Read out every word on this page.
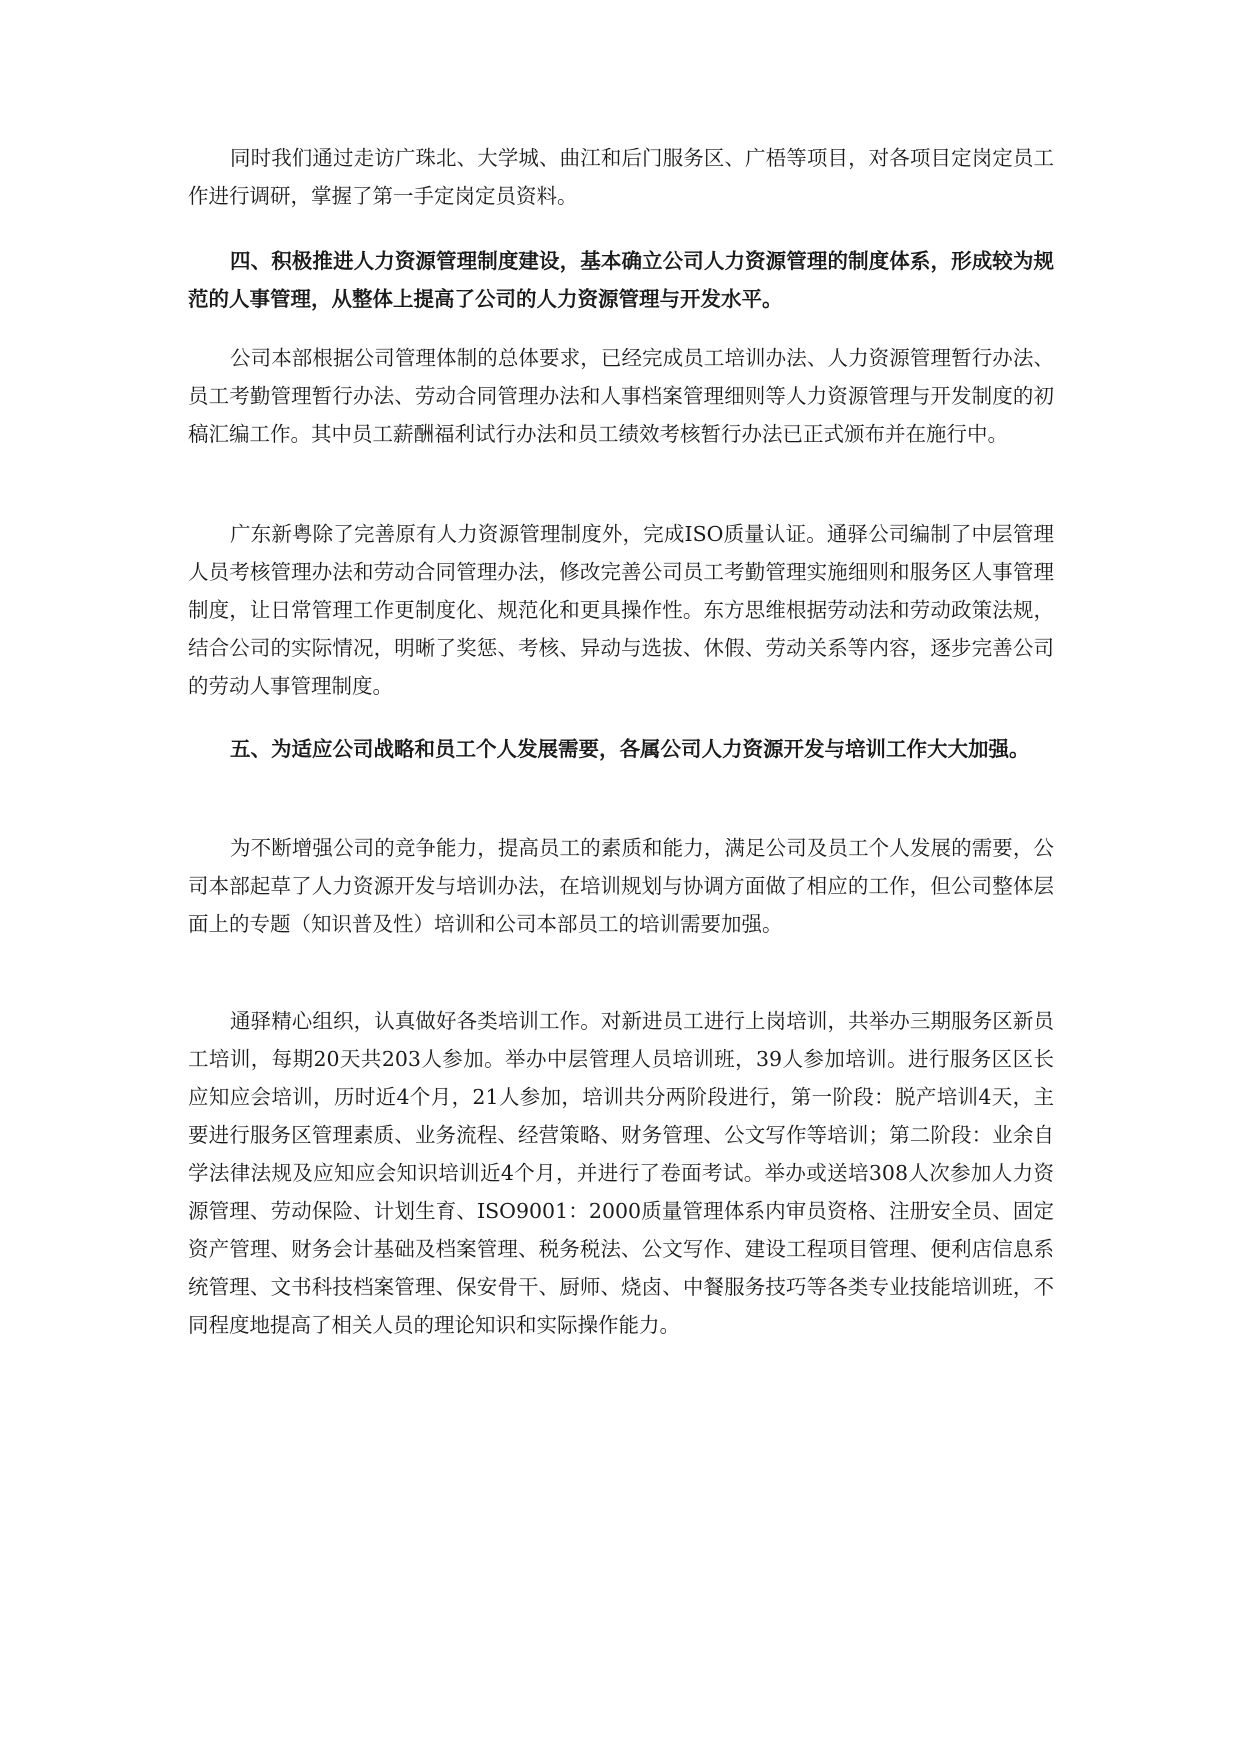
同时我们通过走访广珠北、大学城、曲江和后门服务区、广梧等项目，对各项目定岗定员工作进行调研，掌握了第一手定岗定员资料。

四、积极推进人力资源管理制度建设，基本确立公司人力资源管理的制度体系，形成较为规范的人事管理，从整体上提高了公司的人力资源管理与开发水平。

公司本部根据公司管理体制的总体要求，已经完成员工培训办法、人力资源管理暂行办法、员工考勤管理暂行办法、劳动合同管理办法和人事档案管理细则等人力资源管理与开发制度的初稿汇编工作。其中员工薪酬福利试行办法和员工绩效考核暂行办法已正式颁布并在施行中。

广东新粤除了完善原有人力资源管理制度外，完成ISO质量认证。通驿公司编制了中层管理人员考核管理办法和劳动合同管理办法，修改完善公司员工考勤管理实施细则和服务区人事管理制度，让日常管理工作更制度化、规范化和更具操作性。东方思维根据劳动法和劳动政策法规，结合公司的实际情况，明晰了奖惩、考核、异动与选拔、休假、劳动关系等内容，逐步完善公司的劳动人事管理制度。

五、为适应公司战略和员工个人发展需要，各属公司人力资源开发与培训工作大大加强。

为不断增强公司的竞争能力，提高员工的素质和能力，满足公司及员工个人发展的需要，公司本部起草了人力资源开发与培训办法，在培训规划与协调方面做了相应的工作，但公司整体层面上的专题（知识普及性）培训和公司本部员工的培训需要加强。

通驿精心组织，认真做好各类培训工作。对新进员工进行上岗培训，共举办三期服务区新员工培训，每期20天共203人参加。举办中层管理人员培训班，39人参加培训。进行服务区区长应知应会培训，历时近4个月，21人参加，培训共分两阶段进行，第一阶段：脱产培训4天，主要进行服务区管理素质、业务流程、经营策略、财务管理、公文写作等培训；第二阶段：业余自学法律法规及应知应会知识培训近4个月，并进行了卷面考试。举办或送培308人次参加人力资源管理、劳动保险、计划生育、ISO9001：2000质量管理体系内审员资格、注册安全员、固定资产管理、财务会计基础及档案管理、税务税法、公文写作、建设工程项目管理、便利店信息系统管理、文书科技档案管理、保安骨干、厨师、烧卤、中餐服务技巧等各类专业技能培训班，不同程度地提高了相关人员的理论知识和实际操作能力。
